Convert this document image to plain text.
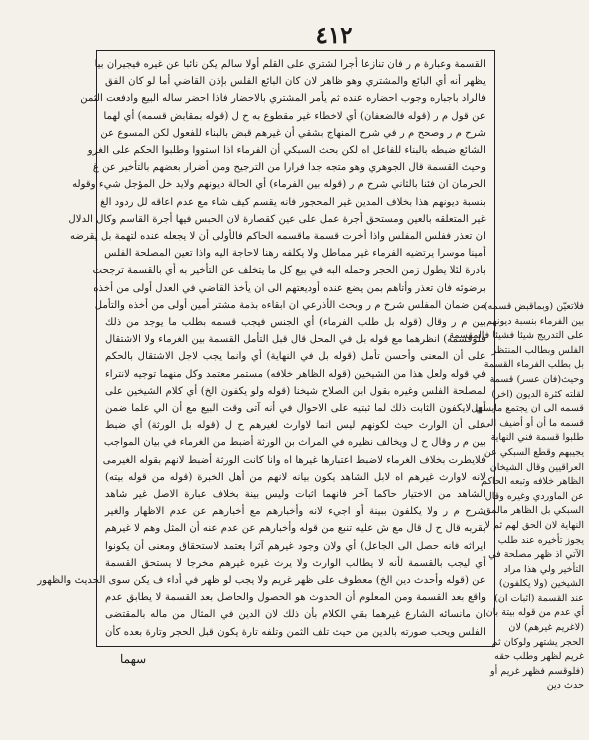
٤١٢
القسمة وعبارة م ر فان تنازعا أجرا لشتري على القلم أولا سالم يكن نائبا عن غيره فيجيران بيا
يظهر أنه أي البائع والمشتري وهو ظاهر لان كان البائع الفلس بإذن القاضي أما لو كان الفق
فالراد باجباره وجوب احضاره عنده ثم يأمر المشتري بالاحضار فاذا احضر ساله البيع وادفعت الثمن
عن قول م ر (قوله فالضعفان) أي لاخطاء غير مقطوع به ح ل (قوله بمقابض قسمه) أي لهما
شرح م ر وصحح م ر في شرح المنهاج بشقي أن غيرهم قبض بالبناء للفعول لكن المسوع عن
الشائع ضبطه بالبناء للفاعل اه لكن بحث السبكي أن الفرماء اذا استووا وطلبوا الحكم على الغرو
وحيث القسمة قال الجوهري وهو متجه جدا فرارا من الترجيح ومن أضرار بعضهم بالتأخير عن غ
الحرمان ان فئنا بالثاني شرح م ر (قوله بين الفرماء) أي الحالة ديونهم ولايد خل المؤجل شيء وقوله
بنسبة ديونهم هذا بخلاف المدين غير المحجور فانه يقسم كيف شاء مع عدم اعاقه لل ردود الغ
غير المتعلقه بالعين ومستحق أجرة عمل على عين كقصارة لان الحبس فيها أجرة القاسم وكال الدلال
ان تعذر ففلس المفلس واذا أخرت قسمة ماقسمه الحاكم فالأولى أن لا يجعله عنده لتهمة بل يقرضه
أمينا موسرا يرتضيه الفرماء غير مماطل ولا يكلفه رهنا لاحاجة اليه واذا تعين المصلحة الفلس
بادرة لئلا يطول زمن الحجر وحمله البه في بيع كل ما يتخلف عن التأخير به أي بالقسمة ترجحت
برضوئه فان تعذر وأتاهم بمن يضع عنده أوديعتهم الى ان يأخذ القاضي في العدل أولى من أخذه
من ضمان المفلس شرح م ر وبحث الأذرعي ان ابقاءه بذمة مشتر أمين أولى من أخذه والتأمل
بين م ر وقال (قوله بل طلب الفرماء) أي الجنس فيجب قسمه بطلب ما يوجد من ذلك
فلوقسمه) انظرهما مع قوله بل في المحل قال قبل التأمل القسمة بين الغرماء ولا الاشتقال
على أن المعنى وأحسن تأمل (قوله بل في النهاية) أي وانما يجب لاجل الاشتقال بالحكم
في قوله ولعل هذا من الشيخين (قوله الظاهر خلافه) مستمر معتمد وكل منهما توجيه لانتراء
لمصلحة الفلس وغيره بقول ابن الصلاح شيخنا (قوله ولو يكفون الخ) أي كلام الشيخين على
أي لايكفون الثابت ذلك لما ثبتيه على الاحوال في أنه آتى وقت البيع مع أن الي علما ضمن
على أن الوارث حيث لكونهم ليس انما لاوارث لغيرهم ح ل (قوله بل الورثة) أي ضبط
بين م ر وقال ح ل ويخالف نظيره في المراث بن الورثة أضبط من الغرماء في بيان المواجب
فلايطرت بخلاف الغرماء لاضبط اعتبارها غيرها اه وانا كانت الورثة أضبط لانهم بقوله الغيرمى
لانه لاوارث غيرهم اه لابل الشاهد يكون بيانه لانهم من أهل الخبرة (قوله من قوله بيته)
الشاهد من الاختيار حاكما آخر فانهما اثبات وليس بينة بخلاف عبارة الاصل غير شاهد
شرح م ر ولا يكلفون ببينة أو اجيء لانه وأخبارهم مع أخبارهم عن عدم الاظهار والغير
بقربه قال ح ل قال مع ش عليه تنبع من قوله وأخبارهم عن عدم عنه أن المثل وهم لا غيرهم
ايراثه فانه حصل الى الجاعل) أي ولان وجود غيرهم آثرا يعتمد لاستحقاق ومعنى أن يكونوا
أي ليجب بالقسمة لأنه لا يطالب الوارث ولا يرث غيره غيرهم مخرجا لا يستحق القسمة
عن (قوله وأحدث دين الخ) معطوف على ظهر غريم ولا يجب لو ظهر في أداء ف يكن سوى الحديث والظهور
واقع بعد القسمة ومن المعلوم أن الحدوث هو الحصول والحاصل بعد القسمة لا يطابق عدم
ان مانسائه الشارع غيرهما بقي الكلام بأن ذلك لان الدين في المثال من ماله بالمقتضى
الفلس ويحب صورته بالدين من حيث تلف الثمن وتلفه تارة يكون قبل الحجر وتارة بعده كأن
فلاتعيّن (وبماقبض قسمه)
بين الفرماء بنسبة ديونهم
على التدريج شيئا فشيئا فالمقسمة
الفلس وبطالب المنتظر
بل بطلب الفرماء القسمة
وحيث(فان عسر) قسمة
لقلته كثرة الديون (اخر)
قسمه الى ان يجتمع مايسهل
قسمه ما أن أو أضيف الى
طلبوا قسمة فني النهاية
يجيبهم وقطع السبكي عن
العراقيين وقال الشيخان
الظاهر خلافه وتبعه الحاكم
عن الماوردي وغيره وقال
السبكي بل الظاهر مالمق
النهاية لان الحق لهم ثم لا
يجوز تأخيره عند طلب
الآتي اذ ظهر مصلحة في
التأخير ولي هذا مراد
الشيخين (ولا يكلفون)
عند القسمة (اثبات ان)
أي عدم من قوله بيتة بان
(لاغريم غيرهم) لان
الحجر يشتهر ولوكان ثم
غريم لظهر وطلب حقه
(فلوقسم فظهر غريم أو
حدث دين
سهما
